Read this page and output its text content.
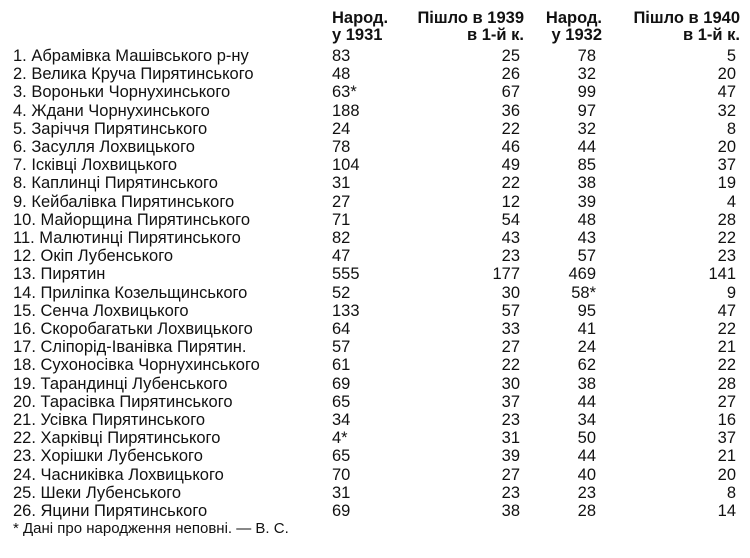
	Народ.	Пішло в 1939	Народ.	Пішло в 1940
	у 1931	в 1-й к.	у 1932	в 1-й к.
1. Абрамівка Машівського р-ну	83	25	78	5
2. Велика Круча Пирятинського	48	26	32	20
3. Вороньки Чорнухинського	63*	67	99	47
4. Ждани Чорнухинського	188	36	97	32
5. Заріччя Пирятинського	24	22	32	8
6. Засулля Лохвицького	78	46	44	20
7. Ісківці Лохвицького	104	49	85	37
8. Каплинці Пирятинського	31	22	38	19
9. Кейбалівка Пирятинського	27	12	39	4
10. Майорщина Пирятинського	71	54	48	28
11. Малютинці Пирятинського	82	43	43	22
12. Окіп Лубенського	47	23	57	23
13. Пирятин	555	177	469	141
14. Приліпка Козельщинського	52	30	58*	9
15. Сенча Лохвицького	133	57	95	47
16. Скоробагатьки Лохвицького	64	33	41	22
17. Сліпорід-Іванівка Пирятин.	57	27	24	21
18. Сухоносівка Чорнухинського	61	22	62	22
19. Тарандинці Лубенського	69	30	38	28
20. Тарасівка Пирятинського	65	37	44	27
21. Усівка Пирятинського	34	23	34	16
22. Харківці Пирятинського	4*	31	50	37
23. Хорішки Лубенського	65	39	44	21
24. Часниківка Лохвицького	70	27	40	20
25. Шеки Лубенського	31	23	23	8
26. Яцини Пирятинського	69	38	28	14
* Дані про народження неповні. — В. С.
